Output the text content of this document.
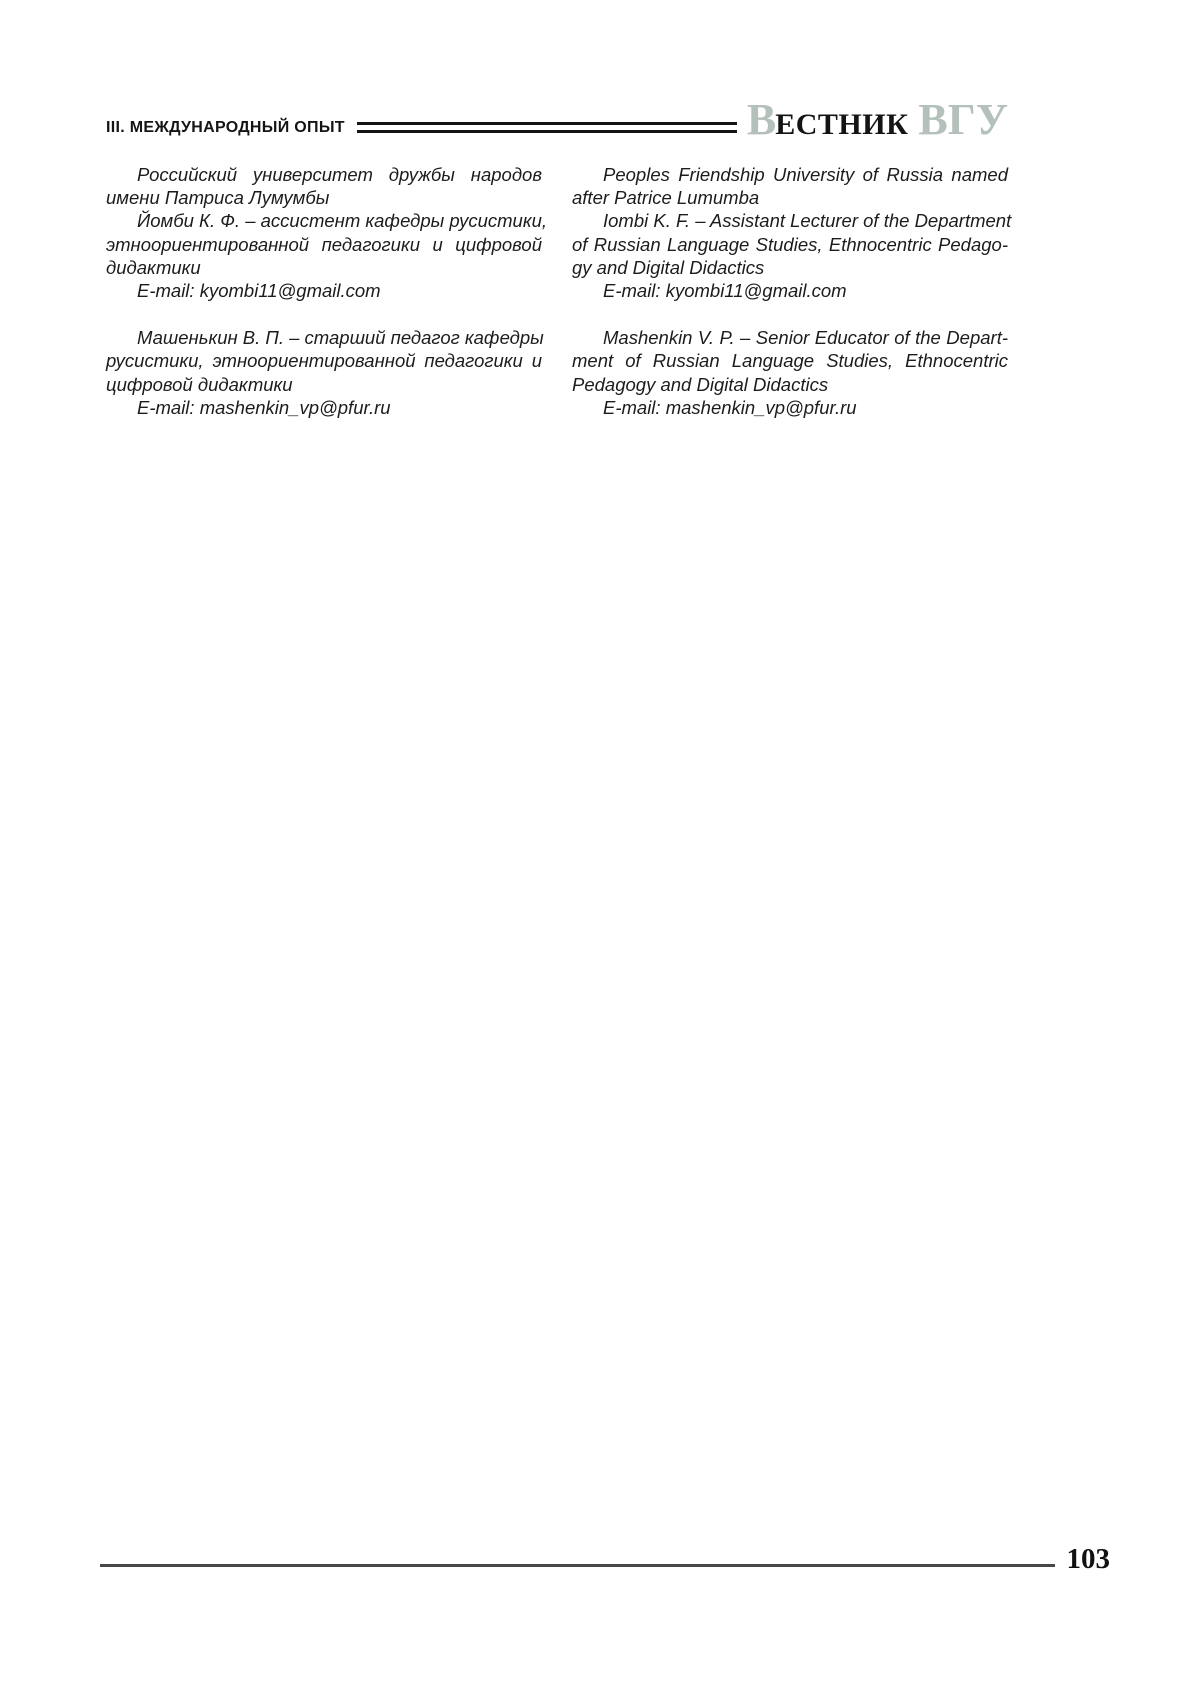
III. МЕЖДУНАРОДНЫЙ ОПЫТ	ВЕСТНИК ВГУ
Российский университет дружбы народов
имени Патриса Лумумбы
Йомби К. Ф. – ассистент кафедры русистики,
этноориентированной педагогики и цифровой
дидактики
E-mail: kyombi11@gmail.com
Машенькин В. П. – старший педагог кафедры
русистики, этноориентированной педагогики и
цифровой дидактики
E-mail: mashenkin_vp@pfur.ru
Peoples Friendship University of Russia named
after Patrice Lumumba
Iombi K. F. – Assistant Lecturer of the Department
of Russian Language Studies, Ethnocentric Pedago-
gy and Digital Didactics
E-mail: kyombi11@gmail.com
Mashenkin V. P. – Senior Educator of the Depart-
ment of Russian Language Studies, Ethnocentric
Pedagogy and Digital Didactics
E-mail: mashenkin_vp@pfur.ru
103
